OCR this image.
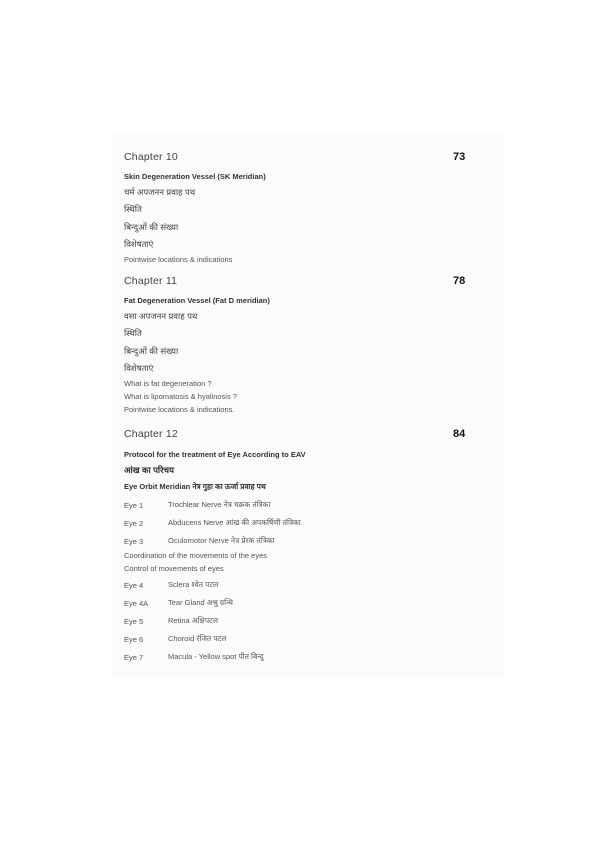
Chapter 10	73
Skin Degeneration Vessel (SK Meridian)
चर्म अपजनन प्रवाह पथ
स्थिति
बिन्दुओं की संख्या
विशेषताएं
Pointwise locations & indications
Chapter 11	78
Fat Degeneration Vessel (Fat D meridian)
वसा अपजनन प्रवाह पथ
स्थिति
बिन्दुओं की संख्या
विशेषताएं
What is fat degeneration ?
What is lipomatosis & hyalinosis ?
Pointwise locations & indications.
Chapter 12	84
Protocol for the treatment of Eye According to EAV
आंख का परिचय
Eye Orbit Meridian नेत्र गुहा का ऊर्जा प्रवाह पथ
Eye 1	Trochlear Nerve नेत्र चक्रक तंत्रिका
Eye 2	Abducens Nerve आंख की अपकर्षिणी तंत्रिका
Eye 3	Oculomotor Nerve नेत्र प्रेरक तंत्रिका
Coordination of the movements of the eyes
Control of movements of eyes
Eye 4	Sclera श्वेत पटल
Eye 4A	Tear Gland अश्रु ग्रन्थि
Eye 5	Retina अक्षिपटल
Eye 6	Choroid रंजित पटल
Eye 7	Macula - Yellow spot पीत बिन्दु
